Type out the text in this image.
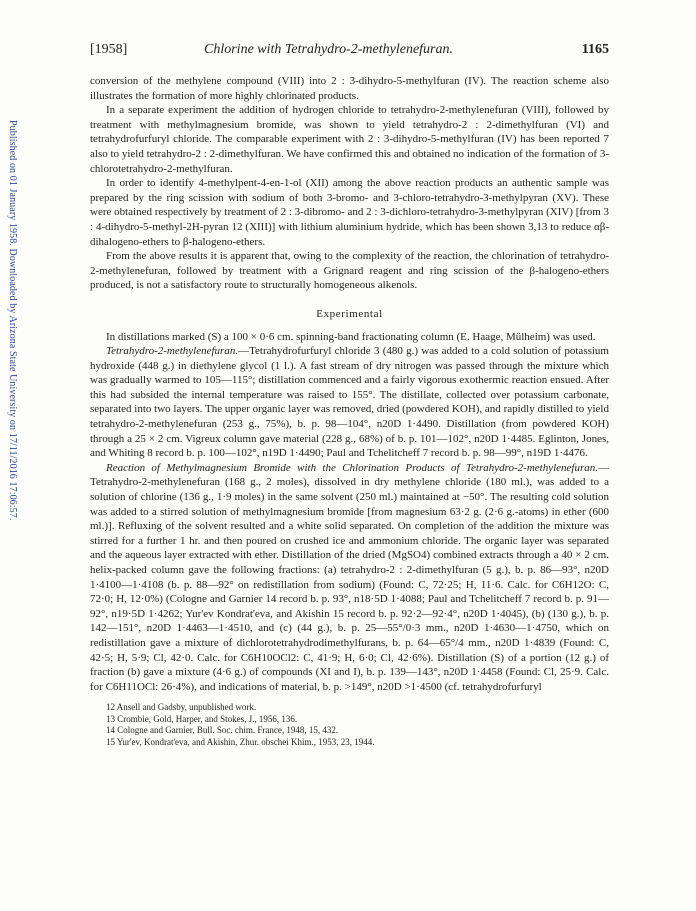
Published on 01 January 1958. Downloaded by Arizona State University on 17/11/2016 17:06:57.
[1958]	Chlorine with Tetrahydro-2-methylenefuran.	1165

conversion of the methylene compound (VIII) into 2 : 3-dihydro-5-methylfuran (IV). The reaction scheme also illustrates the formation of more highly chlorinated products.

In a separate experiment the addition of hydrogen chloride to tetrahydro-2-methylenefuran (VIII), followed by treatment with methylmagnesium bromide, was shown to yield tetrahydro-2 : 2-dimethylfuran (VI) and tetrahydrofurfuryl chloride. The comparable experiment with 2 : 3-dihydro-5-methylfuran (IV) has been reported 7 also to yield tetrahydro-2 : 2-dimethylfuran. We have confirmed this and obtained no indication of the formation of 3-chlorotetrahydro-2-methylfuran.

In order to identify 4-methylpent-4-en-1-ol (XII) among the above reaction products an authentic sample was prepared by the ring scission with sodium of both 3-bromo- and 3-chloro-tetrahydro-3-methylpyran (XV). These were obtained respectively by treatment of 2 : 3-dibromo- and 2 : 3-dichloro-tetrahydro-3-methylpyran (XIV) [from 3 : 4-dihydro-5-methyl-2H-pyran 12 (XIII)] with lithium aluminium hydride, which has been shown 3,13 to reduce αβ-dihalogeno-ethers to β-halogeno-ethers.

From the above results it is apparent that, owing to the complexity of the reaction, the chlorination of tetrahydro-2-methylenefuran, followed by treatment with a Grignard reagent and ring scission of the β-halogeno-ethers produced, is not a satisfactory route to structurally homogeneous alkenols.

Experimental

In distillations marked (S) a 100 × 0·6 cm. spinning-band fractionating column (E. Haage, Mülheim) was used.

Tetrahydro-2-methylenefuran.—Tetrahydrofurfuryl chloride 3 (480 g.) was added to a cold solution of potassium hydroxide (448 g.) in diethylene glycol (1 l.). A fast stream of dry nitrogen was passed through the mixture which was gradually warmed to 105—115°; distillation commenced and a fairly vigorous exothermic reaction ensued. After this had subsided the internal temperature was raised to 155°. The distillate, collected over potassium carbonate, separated into two layers. The upper organic layer was removed, dried (powdered KOH), and rapidly distilled to yield tetrahydro-2-methylenefuran (253 g., 75%), b. p. 98—104°, n20D 1·4490. Distillation (from powdered KOH) through a 25 × 2 cm. Vigreux column gave material (228 g., 68%) of b. p. 101—102°, n20D 1·4485. Eglinton, Jones, and Whiting 8 record b. p. 100—102°, n19D 1·4490; Paul and Tchelitcheff 7 record b. p. 98—99°, n19D 1·4476.

Reaction of Methylmagnesium Bromide with the Chlorination Products of Tetrahydro-2-methylenefuran.—Tetrahydro-2-methylenefuran (168 g., 2 moles), dissolved in dry methylene chloride (180 ml.), was added to a solution of chlorine (136 g., 1·9 moles) in the same solvent (250 ml.) maintained at −50°. The resulting cold solution was added to a stirred solution of methylmagnesium bromide [from magnesium 63·2 g. (2·6 g.-atoms) in ether (600 ml.)]. Refluxing of the solvent resulted and a white solid separated. On completion of the addition the mixture was stirred for a further 1 hr. and then poured on crushed ice and ammonium chloride. The organic layer was separated and the aqueous layer extracted with ether. Distillation of the dried (MgSO4) combined extracts through a 40 × 2 cm. helix-packed column gave the following fractions: (a) tetrahydro-2 : 2-dimethylfuran (5 g.), b. p. 86—93°, n20D 1·4100—1·4108 (b. p. 88—92° on redistillation from sodium) (Found: C, 72·25; H, 11·6. Calc. for C6H12O: C, 72·0; H, 12·0%) (Cologne and Garnier 14 record b. p. 93°, n18·5D 1·4088; Paul and Tchelitcheff 7 record b. p. 91—92°, n19·5D 1·4262; Yur'ev Kondrat'eva, and Akishin 15 record b. p. 92·2—92·4°, n20D 1·4045), (b) (130 g.), b. p. 142—151°, n20D 1·4463—1·4510, and (c) (44 g.), b. p. 25—55°/0·3 mm., n20D 1·4630—1·4750, which on redistillation gave a mixture of dichlorotetrahydrodimethylfurans, b. p. 64—65°/4 mm., n20D 1·4839 (Found: C, 42·5; H, 5·9; Cl, 42·0. Calc. for C6H10OCl2: C, 41·9; H, 6·0; Cl, 42·6%). Distillation (S) of a portion (12 g.) of fraction (b) gave a mixture (4·6 g.) of compounds (XI and I), b. p. 139—143°, n20D 1·4458 (Found: Cl, 25·9. Calc. for C6H11OCl: 26·4%), and indications of material, b. p. >149°, n20D >1·4500 (cf. tetrahydrofurfuryl

12 Ansell and Gadsby, unpublished work.

13 Crombie, Gold, Harper, and Stokes, J., 1956, 136.

14 Cologne and Garnier, Bull. Soc. chim. France, 1948, 15, 432.

15 Yur'ev, Kondrat'eva, and Akishin, Zhur. obschei Khim., 1953, 23, 1944.
